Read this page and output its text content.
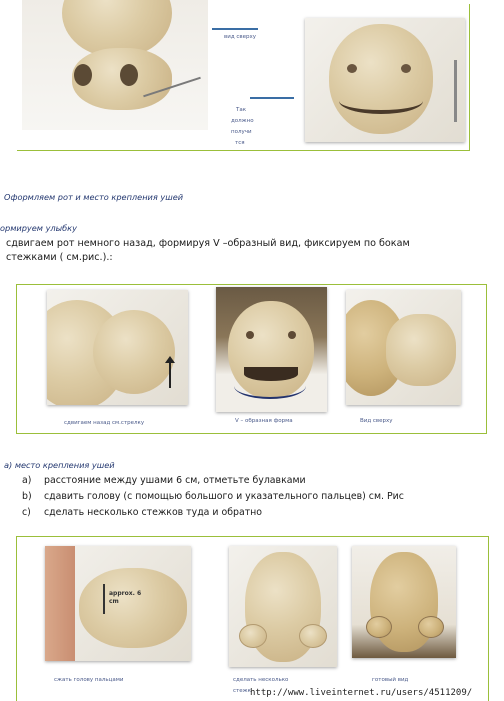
вид сверху
Так
должно
получи
тся
Оформляем рот и место крепления ушей
ормируем улыбку
сдвигаем рот немного назад, формируя V –образный вид, фиксируем по бокам
стежками ( см.рис.).:
сдвигаем назад см.стрелку	V – образная форма	Вид сверху
а) место крепления ушей
a) расстояние между ушами 6 см, отметьте булавками
b) сдавить голову (с помощью большого и указательного пальцев) см. Рис
c) сделать несколько стежков туда и обратно
approx. 6
cm
сжать голову пальцами	сделать несколько
стежк
готовый вид
http://www.liveinternet.ru/users/4511209/
